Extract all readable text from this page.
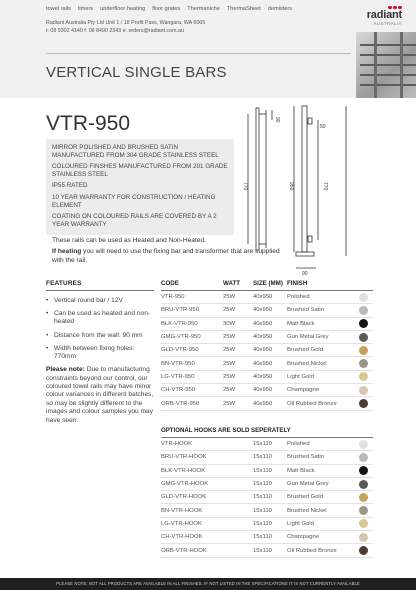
towel rails timers underfloor heating floor grates Thermaniche ThermaSheet demisters
Radiant Australia Pty Ltd Unit 1 / 18 Profit Pass, Wangara, WA 6065
t: 08 9302 4140 f: 08 8490 2343 e: orders@radiant.com.au
radiant
AUSTRALIA
VERTICAL SINGLE BARS
VTR-950

MIRROR POLISHED AND BRUSHED SATIN MANUFACTURED FROM 304 GRADE STAINLESS STEEL

COLOURED FINSHES MANUFACTURED FROM 201 GRADE STAINLESS STEEL

IP55 RATED

10 YEAR WARRANTY FOR CONSTRUCTION / HEATING ELEMENT

COATING ON COLOURED RAILS ARE COVERED BY A 2 YEAR WARRANTY

These rails can be used as Heated and Non-Heated.

If heating you will need to use the fixing bar and transformer that are supplied with the rail.

90
770	950
50
770
90
FEATURES
• Vertical round bar / 12V
• Can be used as heated and non-heated
• Distance from the wall: 90 mm
• Width between fixing holes: 770mm
Please note: Due to manufacturing constraints beyond our control, our coloured towel rails may have minor colour variances in different batches, so may be slightly different to the images and colour samples you may have seen.
CODE	WATT	SIZE (MM) FINISH
VTR-950	25W	40x950	Polished
BRU-VTR-950	25W	40x950	Brushed Satin
BLK-VTR-950	30W	40x950	Matt Black
GMG-VTR-950	25W	40x950	Gun Metal Grey
GLD-VTR-950	25W	40x950	Brushed Gold
BN-VTR-950	25W	40x950	Brushed Nickel
LG-VTR-950	25W	40x950	Light Gold
CH-VTR-950	25W	40x950	Champagne
ORB-VTR-950	25W	40x950	Oil Rubbed Bronze
OPTIONAL HOOKS ARE SOLD SEPERATELY
VTR-HOOK	15x110	Polished
BRU-VTR-HOOK	15x110	Brushed Satin
BLK-VTR-HOOK	15x110	Matt Black
GMG-VTR-HOOK	15x110	Gun Metal Grey
GLD-VTR-HOOK	15x110	Brushed Gold
BN-VTR-HOOK	15x110	Brushed Nickel
LG-VTR-HOOK	15x110	Light Gold
CH-VTR-HOOK	15x110	Champagne
ORB-VTR-HOOK	15x110	Oil Rubbed Bronze
PLEASE NOTE: NOT ALL PRODUCTS ARE AVAILABLE IN ALL FINISHES. IF NOT LISTED IN THE SPECIFICATIONS IT IS NOT CURRENTLY AVAILABLE
